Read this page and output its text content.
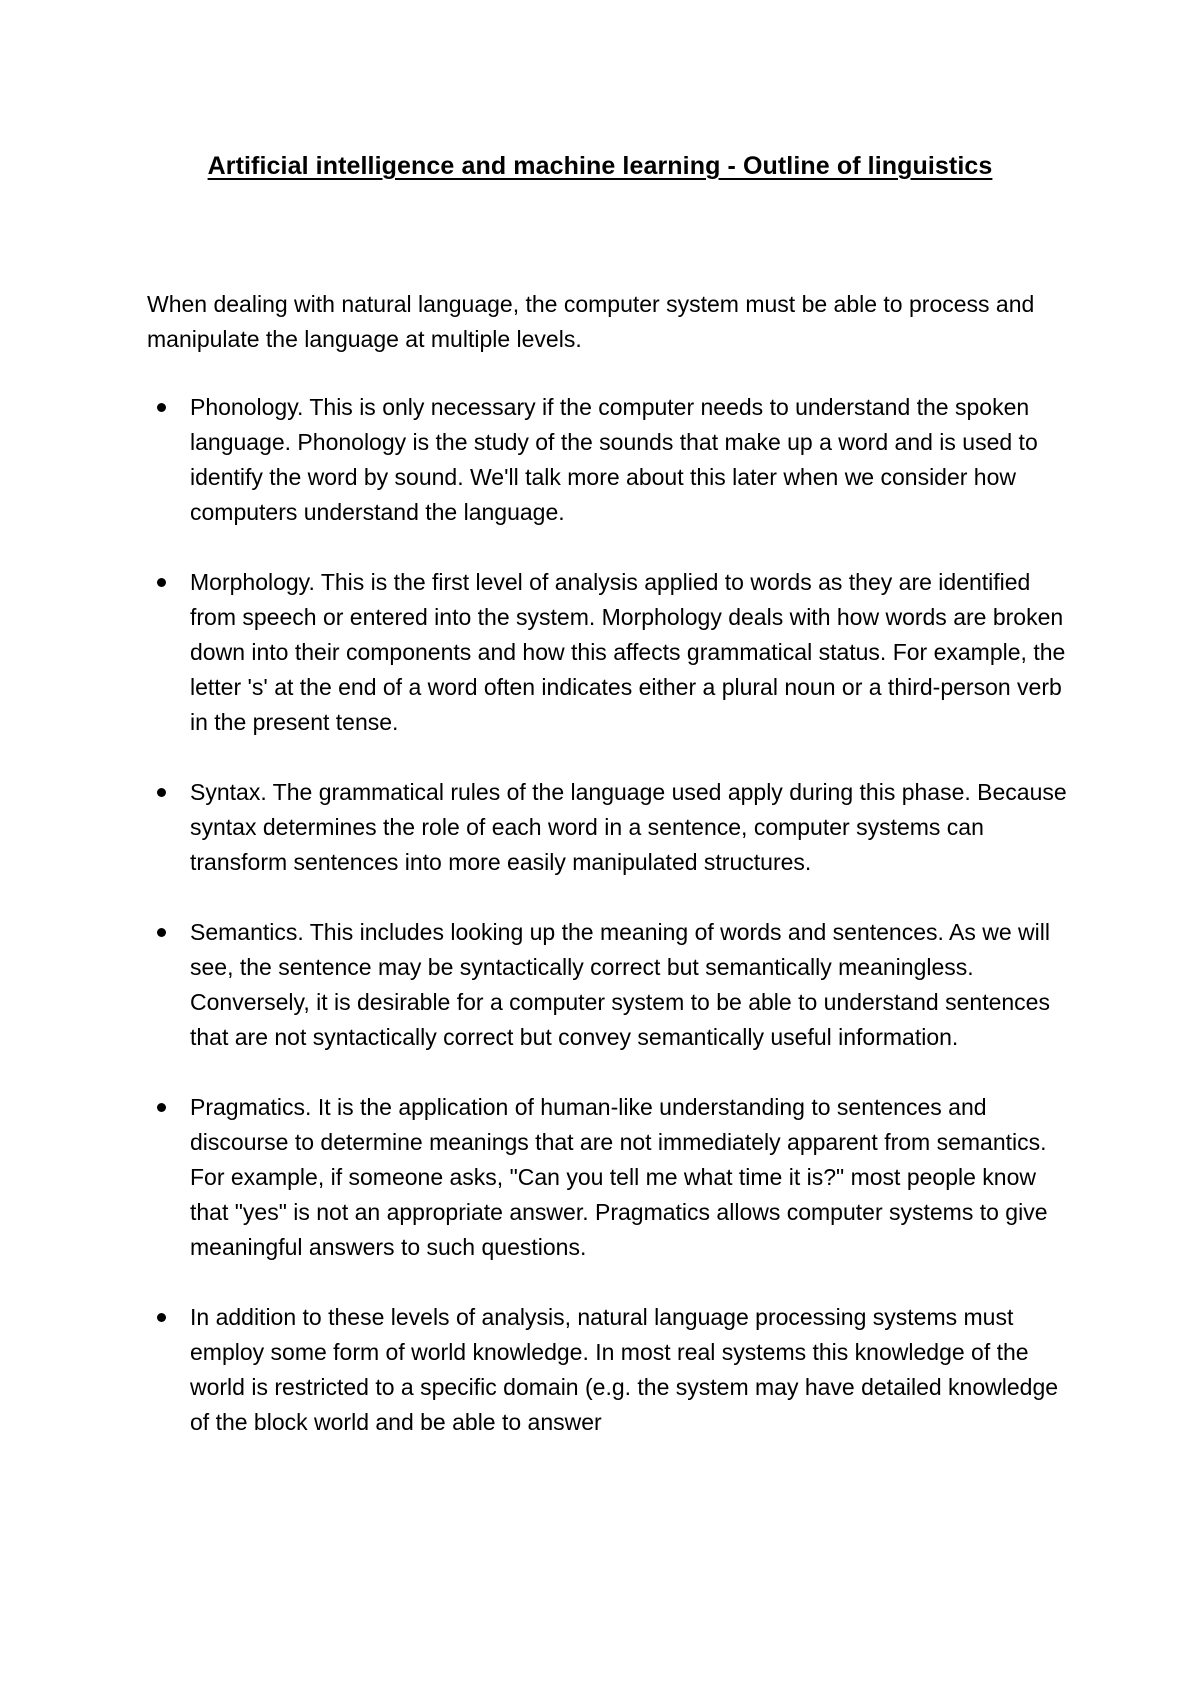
Artificial intelligence and machine learning - Outline of linguistics

When dealing with natural language, the computer system must be able to process and manipulate the language at multiple levels.

Phonology. This is only necessary if the computer needs to understand the spoken language. Phonology is the study of the sounds that make up a word and is used to identify the word by sound. We'll talk more about this later when we consider how computers understand the language.
Morphology. This is the first level of analysis applied to words as they are identified from speech or entered into the system. Morphology deals with how words are broken down into their components and how this affects grammatical status. For example, the letter 's' at the end of a word often indicates either a plural noun or a third-person verb in the present tense.
Syntax. The grammatical rules of the language used apply during this phase. Because syntax determines the role of each word in a sentence, computer systems can transform sentences into more easily manipulated structures.
Semantics. This includes looking up the meaning of words and sentences. As we will see, the sentence may be syntactically correct but semantically meaningless. Conversely, it is desirable for a computer system to be able to understand sentences that are not syntactically correct but convey semantically useful information.
Pragmatics. It is the application of human-like understanding to sentences and discourse to determine meanings that are not immediately apparent from semantics. For example, if someone asks, "Can you tell me what time it is?" most people know that "yes" is not an appropriate answer. Pragmatics allows computer systems to give meaningful answers to such questions.
In addition to these levels of analysis, natural language processing systems must employ some form of world knowledge. In most real systems this knowledge of the world is restricted to a specific domain (e.g. the system may have detailed knowledge of the block world and be able to answer
